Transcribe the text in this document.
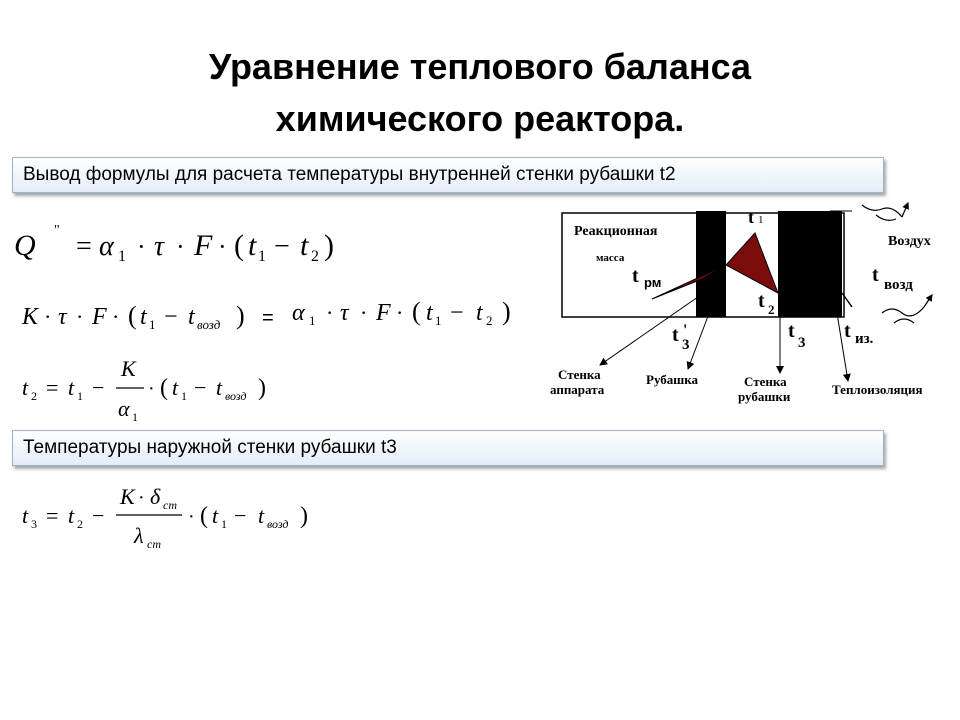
Уравнение теплового баланса
химического реактора.
Вывод формулы для расчета температуры внутренней стенки рубашки t2
Q "
= α 1 · τ · F · ( t 1 − t 2 )
K · τ · F · ( t 1 − t возд ) = α 1 · τ · F · ( t 1 − t 2 )
t 2 = t 1 −
K
α 1
· ( t 1 − t возд )
Температуры наружной стенки рубашки t3
t 3 = t 2 −
K · δ ст
λ ст
· ( t 1 − t возд )
Реакционная
масса
t 1
t рм
t 2
t возд
t '
3
t
3
t из.
Воздух
Стенка
аппарата
Рубашка	Стенка
рубашки	Теплоизоляция
